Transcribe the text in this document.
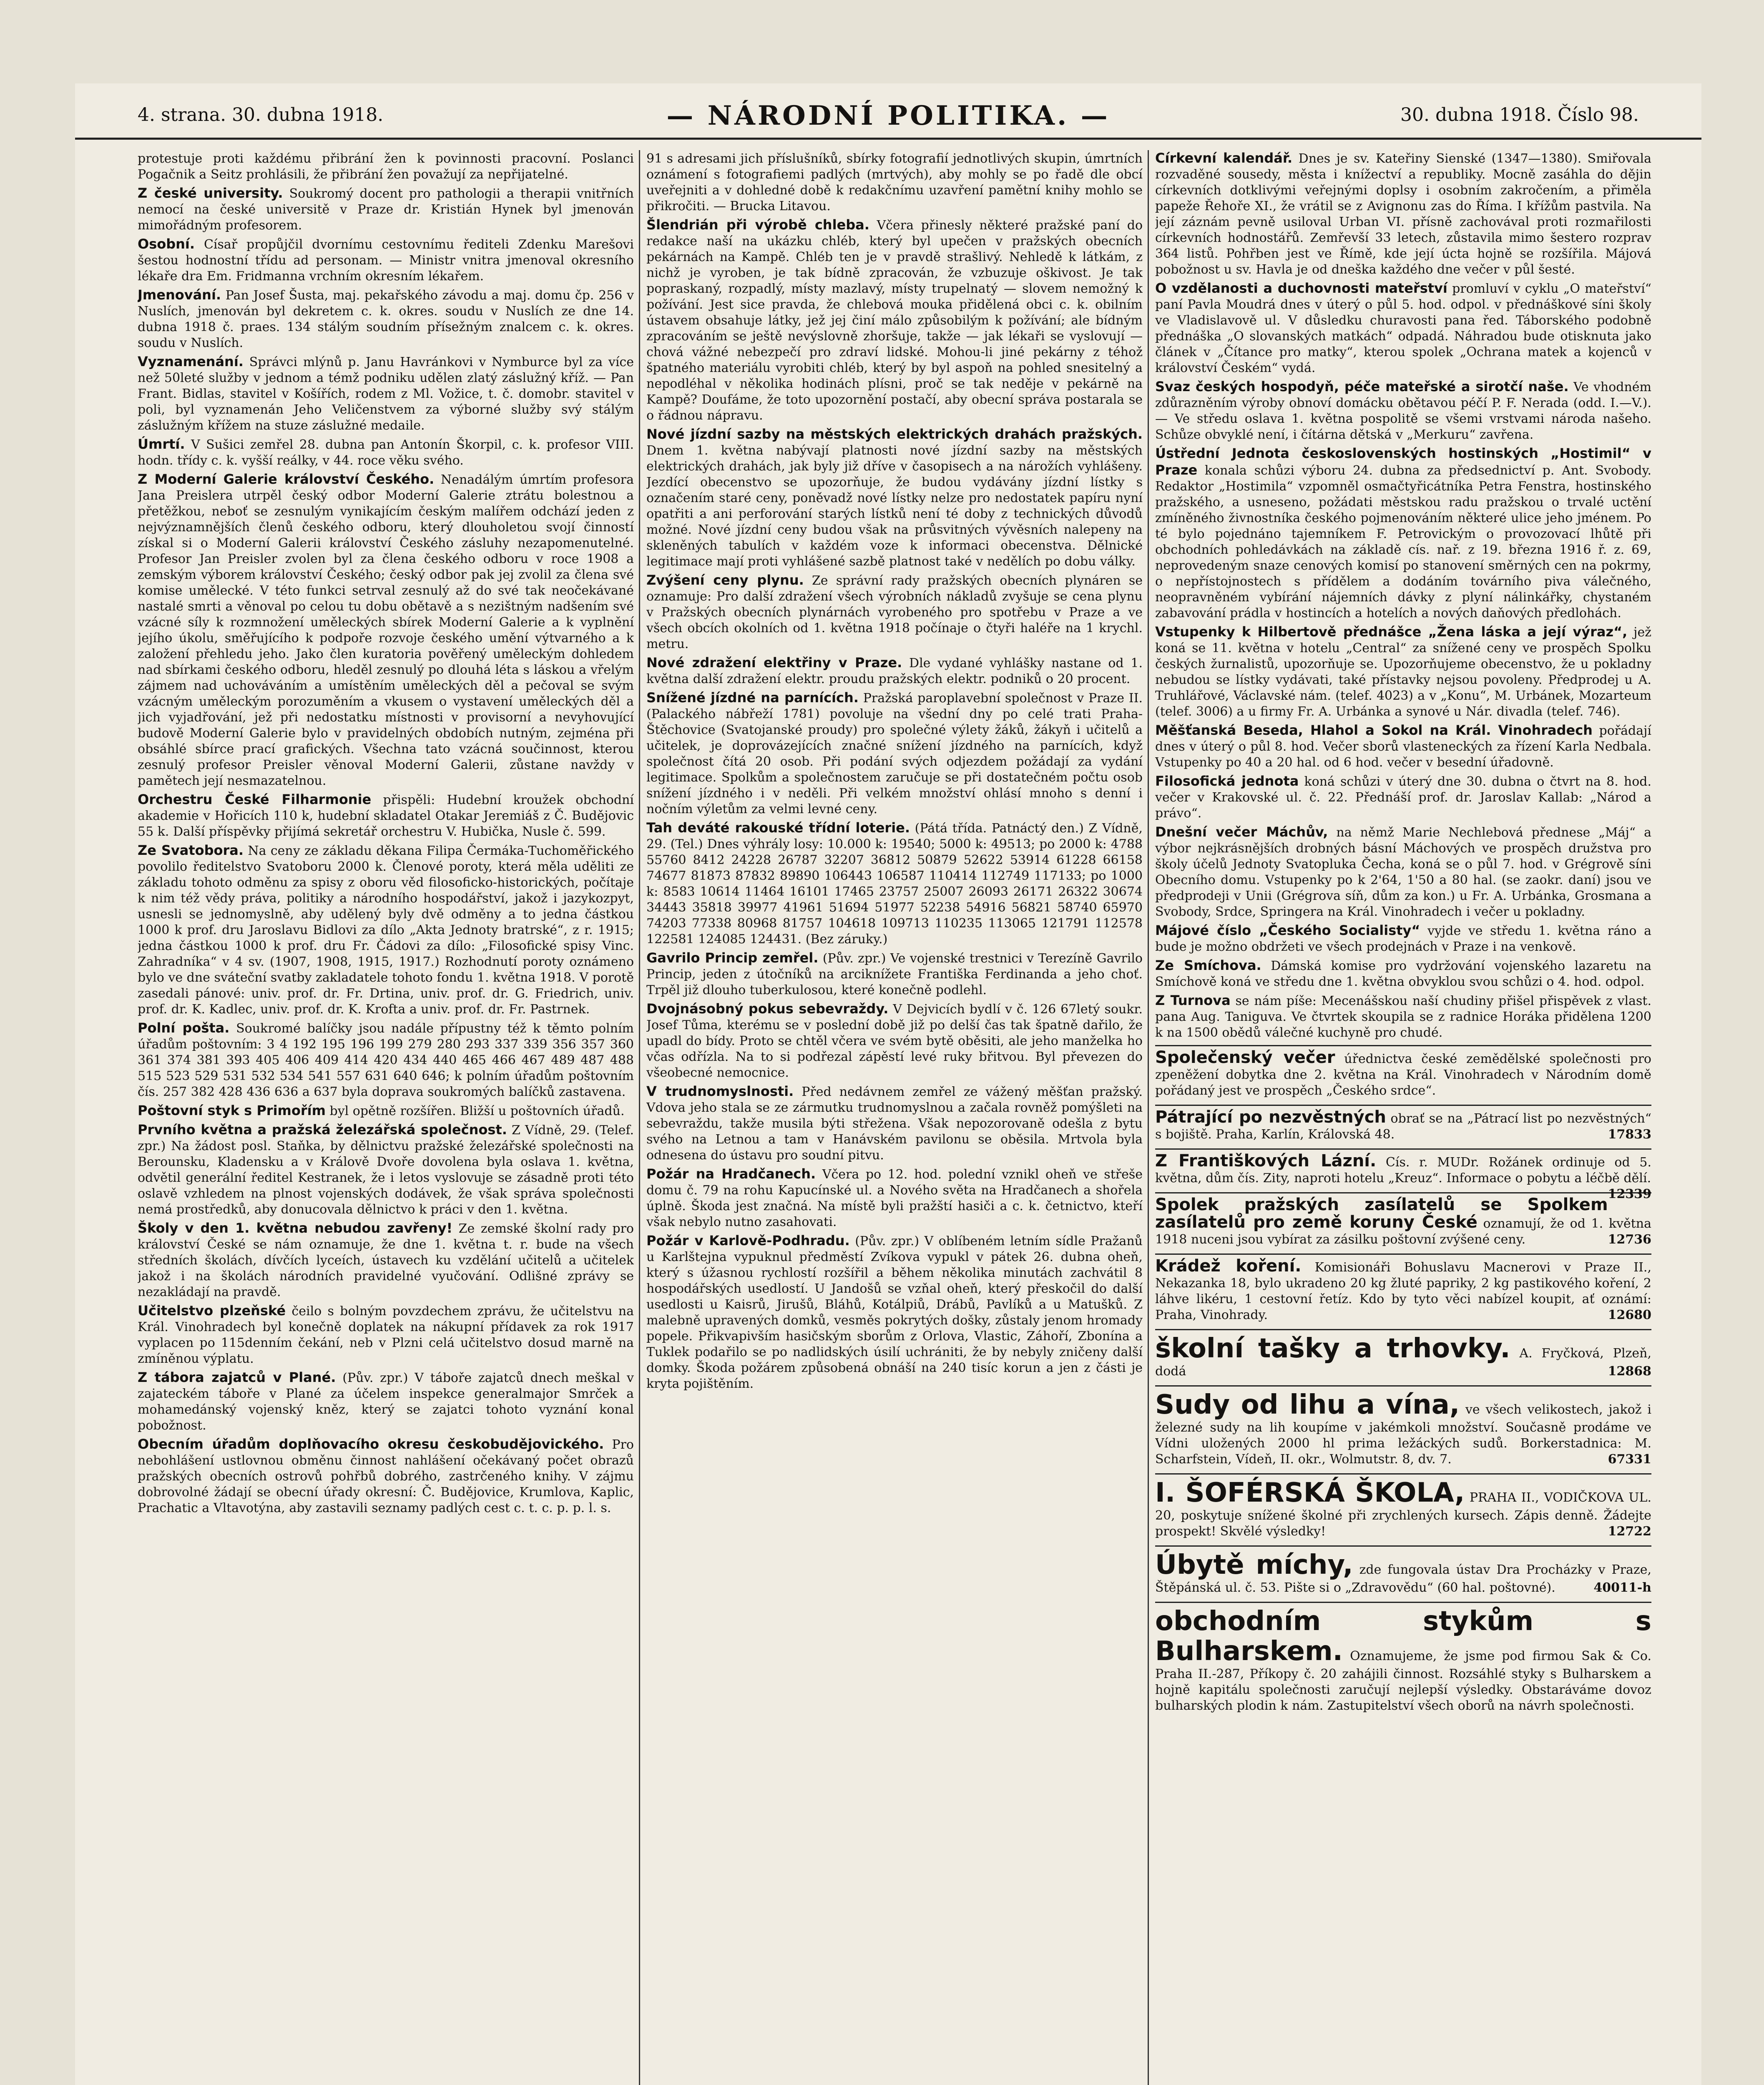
4. strana. 30. dubna 1918.	— NÁRODNÍ POLITIKA. —	30. dubna 1918. Číslo 98.

protestuje proti každému přibrání žen k povinnosti pracovní. Poslanci Pogačnik a Seitz prohlásili, že přibrání žen považují za nepřijatelné.

Z české university. Soukromý docent pro pathologii a therapii vnitřních nemocí na české universitě v Praze dr. Kristián Hynek byl jmenován mimořádným profesorem.

Osobní. Císař propůjčil dvornímu cestovnímu řediteli Zdenku Marešovi šestou hodnostní třídu ad personam. — Ministr vnitra jmenoval okresního lékaře dra Em. Fridmanna vrchním okresním lékařem.

Jmenování. Pan Josef Šusta, maj. pekařského závodu a maj. domu čp. 256 v Nuslích, jmenován byl dekretem c. k. okres. soudu v Nuslích ze dne 14. dubna 1918 č. praes. 134 stálým soudním přísežným znalcem c. k. okres. soudu v Nuslích.

Vyznamenání. Správci mlýnů p. Janu Havránkovi v Nymburce byl za více než 50leté služby v jednom a témž podniku udělen zlatý záslužný kříž. — Pan Frant. Bidlas, stavitel v Košířích, rodem z Ml. Vožice, t. č. domobr. stavitel v poli, byl vyznamenán Jeho Veličenstvem za výborné služby svý stálým záslužným křížem na stuze záslužné medaile.

Úmrtí. V Sušici zemřel 28. dubna pan Antonín Škorpil, c. k. profesor VIII. hodn. třídy c. k. vyšší reálky, v 44. roce věku svého.

Z Moderní Galerie království Českého. Nenadálým úmrtím profesora Jana Preislera utrpěl český odbor Moderní Galerie ztrátu bolestnou a přetěžkou, neboť se zesnulým vynikajícím českým malířem odchází jeden z nejvýznamnějších členů českého odboru, který dlouholetou svojí činností získal si o Moderní Galerii království Českého zásluhy nezapomenutelné. Profesor Jan Preisler zvolen byl za člena českého odboru v roce 1908 a zemským výborem království Českého; český odbor pak jej zvolil za člena své komise umělecké. V této funkci setrval zesnulý až do své tak neočekávané nastalé smrti a věnoval po celou tu dobu obětavě a s nezištným nadšením své vzácné síly k rozmnožení uměleckých sbírek Moderní Galerie a k vyplnění jejího úkolu, směřujícího k podpoře rozvoje českého umění výtvarného a k založení přehledu jeho. Jako člen kuratoria pověřený uměleckým dohledem nad sbírkami českého odboru, hleděl zesnulý po dlouhá léta s láskou a vřelým zájmem nad uchováváním a umístěním uměleckých děl a pečoval se svým vzácným uměleckým porozuměním a vkusem o vystavení uměleckých děl a jich vyjadřování, jež při nedostatku místnosti v provisorní a nevyhovující budově Moderní Galerie bylo v pravidelných obdobích nutným, zejména při obsáhlé sbírce prací grafických. Všechna tato vzácná součinnost, kterou zesnulý profesor Preisler věnoval Moderní Galerii, zůstane navždy v pamětech její nesmazatelnou.

Orchestru České Filharmonie přispěli: Hudební kroužek obchodní akademie v Hořicích 110 k, hudební skladatel Otakar Jeremiáš z Č. Budějovic 55 k. Další příspěvky přijímá sekretář orchestru V. Hubička, Nusle č. 599.

Ze Svatobora. Na ceny ze základu děkana Filipa Čermáka-Tuchoměřického povolilo ředitelstvo Svatoboru 2000 k. Členové poroty, která měla uděliti ze základu tohoto odměnu za spisy z oboru věd filosoficko-historických, počítaje k nim též vědy práva, politiky a národního hospodářství, jakož i jazykozpyt, usnesli se jednomyslně, aby udělený byly dvě odměny a to jedna částkou 1000 k prof. dru Jaroslavu Bidlovi za dílo „Akta Jednoty bratrské“, z r. 1915; jedna částkou 1000 k prof. dru Fr. Čádovi za dílo: „Filosofické spisy Vinc. Zahradníka“ v 4 sv. (1907, 1908, 1915, 1917.) Rozhodnutí poroty oznámeno bylo ve dne sváteční svatby zakladatele tohoto fondu 1. května 1918. V porotě zasedali pánové: univ. prof. dr. Fr. Drtina, univ. prof. dr. G. Friedrich, univ. prof. dr. K. Kadlec, univ. prof. dr. K. Krofta a univ. prof. dr. Fr. Pastrnek.

Polní pošta. Soukromé balíčky jsou nadále přípustny též k těmto polním úřadům poštovním: 3 4 192 195 196 199 279 280 293 337 339 356 357 360 361 374 381 393 405 406 409 414 420 434 440 465 466 467 489 487 488 515 523 529 531 532 534 541 557 631 640 646; k polním úřadům poštovním čís. 257 382 428 436 636 a 637 byla doprava soukromých balíčků zastavena.

Poštovní styk s Primořím byl opětně rozšířen. Bližší u poštovních úřadů.

Prvního května a pražská železářská společnost. Z Vídně, 29. (Telef. zpr.) Na žádost posl. Staňka, by dělnictvu pražské železářské společnosti na Berounsku, Kladensku a v Králově Dvoře dovolena byla oslava 1. května, odvětil generální ředitel Kestranek, že i letos vyslovuje se zásadně proti této oslavě vzhledem na plnost vojenských dodávek, že však správa společnosti nemá prostředků, aby donucovala dělnictvo k práci v den 1. května.

Školy v den 1. května nebudou zavřeny! Ze zemské školní rady pro království České se nám oznamuje, že dne 1. května t. r. bude na všech středních školách, dívčích lyceích, ústavech ku vzdělání učitelů a učitelek jakož i na školách národních pravidelné vyučování. Odlišné zprávy se nezakládají na pravdě.

Učitelstvo plzeňské čeilo s bolným povzdechem zprávu, že učitelstvu na Král. Vinohradech byl konečně doplatek na nákupní přídavek za rok 1917 vyplacen po 115denním čekání, neb v Plzni celá učitelstvo dosud marně na zmíněnou výplatu.

Z tábora zajatců v Plané. (Pův. zpr.) V táboře zajatců dnech meškal v zajateckém táboře v Plané za účelem inspekce generalmajor Smrček a mohamedánský vojenský kněz, který se zajatci tohoto vyznání konal pobožnost.

Obecním úřadům doplňovacího okresu českobudějovického. Pro nebohlášení ustlovnou obměnu činnost nahlášení očekávaný počet obrazů pražských obecních ostrovů pohřbů dobrého, zastrčeného knihy. V zájmu dobrovolné žádají se obecní úřady okresní: Č. Budějovice, Krumlova, Kaplic, Prachatic a Vltavotýna, aby zastavili seznamy padlých cest c. t. c. p. p. l. s.

91 s adresami jich příslušníků, sbírky fotografií jednotlivých skupin, úmrtních oznámení s fotografiemi padlých (mrtvých), aby mohly se po řadě dle obcí uveřejniti a v dohledné době k redakčnímu uzavření pamětní knihy mohlo se přikročiti. — Brucka Litavou.

Šlendrián při výrobě chleba. Včera přinesly některé pražské paní do redakce naší na ukázku chléb, který byl upečen v pražských obecních pekárnách na Kampě. Chléb ten je v pravdě strašlivý. Nehledě k látkám, z nichž je vyroben, je tak bídně zpracován, že vzbuzuje oškivost. Je tak popraskaný, rozpadlý, místy mazlavý, místy trupelnatý — slovem nemožný k požívání. Jest sice pravda, že chlebová mouka přidělená obci c. k. obilním ústavem obsahuje látky, jež jej činí málo způsobilým k požívání; ale bídným zpracováním se ještě nevýslovně zhoršuje, takže — jak lékaři se vyslovují — chová vážné nebezpečí pro zdraví lidské. Mohou-li jiné pekárny z téhož špatného materiálu vyrobiti chléb, který by byl aspoň na pohled snesitelný a nepodléhal v několika hodinách plísni, proč se tak neděje v pekárně na Kampě? Doufáme, že toto upozornění postačí, aby obecní správa postarala se o řádnou nápravu.

Nové jízdní sazby na městských elektrických drahách pražských. Dnem 1. května nabývají platnosti nové jízdní sazby na městských elektrických drahách, jak byly již dříve v časopisech a na nárožích vyhlášeny. Jezdící obecenstvo se upozorňuje, že budou vydávány jízdní lístky s označením staré ceny, poněvadž nové lístky nelze pro nedostatek papíru nyní opatřiti a ani perforování starých lístků není té doby z technických důvodů možné. Nové jízdní ceny budou však na průsvitných vývěsních nalepeny na skleněných tabulích v každém voze k informaci obecenstva. Dělnické legitimace mají proti vyhlášené sazbě platnost také v nedělích po dobu války.

Zvýšení ceny plynu. Ze správní rady pražských obecních plynáren se oznamuje: Pro další zdražení všech výrobních nákladů zvyšuje se cena plynu v Pražských obecních plynárnách vyrobeného pro spotřebu v Praze a ve všech obcích okolních od 1. května 1918 počínaje o čtyři haléře na 1 krychl. metru.

Nové zdražení elektřiny v Praze. Dle vydané vyhlášky nastane od 1. května další zdražení elektr. proudu pražských elektr. podniků o 20 procent.

Snížené jízdné na parnících. Pražská paroplavební společnost v Praze II. (Palackého nábřeží 1781) povoluje na všední dny po celé trati Praha-Štěchovice (Svatojanské proudy) pro společné výlety žáků, žákyň i učitelů a učitelek, je doprovázejících značné snížení jízdného na parnících, když společnost čítá 20 osob. Při podání svých odjezdem požádají za vydání legitimace. Spolkům a společnostem zaručuje se při dostatečném počtu osob snížení jízdného i v neděli. Při velkém množství ohlásí mnoho s denní i nočním výletům za velmi levné ceny.

Tah deváté rakouské třídní loterie. (Pátá třída. Patnáctý den.) Z Vídně, 29. (Tel.) Dnes výhrály losy: 10.000 k: 19540; 5000 k: 49513; po 2000 k: 4788 55760 8412 24228 26787 32207 36812 50879 52622 53914 61228 66158 74677 81873 87832 89890 106443 106587 110414 112749 117133; po 1000 k: 8583 10614 11464 16101 17465 23757 25007 26093 26171 26322 30674 34443 35818 39977 41961 51694 51977 52238 54916 56821 58740 65970 74203 77338 80968 81757 104618 109713 110235 113065 121791 112578 122581 124085 124431. (Bez záruky.)

Gavrilo Princip zemřel. (Pův. zpr.) Ve vojenské trestnici v Terezíně Gavrilo Princip, jeden z útočníků na arciknížete Františka Ferdinanda a jeho choť. Trpěl již dlouho tuberkulosou, které konečně podlehl.

Dvojnásobný pokus sebevraždy. V Dejvicích bydlí v č. 126 67letý soukr. Josef Tůma, kterému se v poslední době již po delší čas tak špatně dařilo, že upadl do bídy. Proto se chtěl včera ve svém bytě oběsiti, ale jeho manželka ho včas odřízla. Na to si podřezal zápěstí levé ruky břitvou. Byl převezen do všeobecné nemocnice.

V trudnomyslnosti. Před nedávnem zemřel ze vážený měšťan pražský. Vdova jeho stala se ze zármutku trudnomyslnou a začala rovněž pomýšleti na sebevraždu, takže musila býti střežena. Však nepozorovaně odešla z bytu svého na Letnou a tam v Hanávském pavilonu se oběsila. Mrtvola byla odnesena do ústavu pro soudní pitvu.

Požár na Hradčanech. Včera po 12. hod. polední vznikl oheň ve střeše domu č. 79 na rohu Kapucínské ul. a Nového světa na Hradčanech a shořela úplně. Škoda jest značná. Na místě byli pražští hasiči a c. k. četnictvo, kteří však nebylo nutno zasahovati.

Požár v Karlově-Podhradu. (Pův. zpr.) V oblíbeném letním sídle Pražanů u Karlštejna vypuknul předměstí Zvíkova vypukl v pátek 26. dubna oheň, který s úžasnou rychlostí rozšířil a během několika minutách zachvátil 8 hospodářských usedlostí. U Jandošů se vzňal oheň, který přeskočil do další usedlosti u Kaisrů, Jirušů, Bláhů, Kotálpiů, Drábů, Pavlíků a u Matušků. Z malebně upravených domků, vesměs pokrytých došky, zůstaly jenom hromady popele. Přikvapivším hasičským sborům z Orlova, Vlastic, Záhoří, Zbonína a Tuklek podařilo se po nadlidských úsilí uchrániti, že by nebyly zničeny další domky. Škoda požárem způsobená obnáší na 240 tisíc korun a jen z části je kryta pojištěním.

Církevní kalendář. Dnes je sv. Kateřiny Sienské (1347—1380). Smiřovala rozvaděné sousedy, města i knížectví a republiky. Mocně zasáhla do dějin církevních dotklivými veřejnými doplsy i osobním zakročením, a přiměla papeže Řehoře XI., že vrátil se z Avignonu zas do Říma. I křížům pastvila. Na její záznám pevně usiloval Urban VI. přísně zachovával proti rozmařilosti církevních hodnostářů. Zemřevší 33 letech, zůstavila mimo šestero rozprav 364 listů. Pohřben jest ve Římě, kde její úcta hojně se rozšířila. Májová pobožnost u sv. Havla je od dneška každého dne večer v půl šesté.

O vzdělanosti a duchovnosti mateřství promluví v cyklu „O mateřství“ paní Pavla Moudrá dnes v úterý o půl 5. hod. odpol. v přednáškové síni školy ve Vladislavově ul. V důsledku churavosti pana řed. Táborského podobně přednáška „O slovanských matkách“ odpadá. Náhradou bude otisknuta jako článek v „Čítance pro matky“, kterou spolek „Ochrana matek a kojenců v království Českém“ vydá.

Svaz českých hospodyň, péče mateřské a sirotčí naše. Ve vhodném zdůrazněním výroby obnoví domácku obětavou péčí P. F. Nerada (odd. I.—V.). — Ve středu oslava 1. května pospolitě se všemi vrstvami národa našeho. Schůze obvyklé není, i čítárna dětská v „Merkuru“ zavřena.

Ústřední Jednota československých hostinských „Hostimil“ v Praze konala schůzi výboru 24. dubna za předsednictví p. Ant. Svobody. Redaktor „Hostimila“ vzpomněl osmačtyřicátníka Petra Fenstra, hostinského pražského, a usneseno, požádati městskou radu pražskou o trvalé uctění zmíněného živnostníka českého pojmenováním některé ulice jeho jménem. Po té bylo pojednáno tajemníkem F. Petrovickým o provozovací lhůtě při obchodních pohledávkách na základě cís. nař. z 19. března 1916 ř. z. 69, neprovedeným snaze cenových komisí po stanovení směrných cen na pokrmy, o nepřístojnostech s přídělem a dodáním továrního piva válečného, neopravněném vybírání nájemních dávky z plyní nálinkářky, chystaném zabavování prádla v hostincích a hotelích a nových daňových předlohách.

Vstupenky k Hilbertově přednášce „Žena láska a její výraz“, jež koná se 11. května v hotelu „Central“ za snížené ceny ve prospěch Spolku českých žurnalistů, upozorňuje se. Upozorňujeme obecenstvo, že u pokladny nebudou se lístky vydávati, také přístavky nejsou povoleny. Předprodej u A. Truhlářové, Václavské nám. (telef. 4023) a v „Konu“, M. Urbánek, Mozarteum (telef. 3006) a u firmy Fr. A. Urbánka a synové u Nár. divadla (telef. 746).

Měšťanská Beseda, Hlahol a Sokol na Král. Vinohradech pořádají dnes v úterý o půl 8. hod. Večer sborů vlasteneckých za řízení Karla Nedbala. Vstupenky po 40 a 20 hal. od 6 hod. večer v besední úřadovně.

Filosofická jednota koná schůzi v úterý dne 30. dubna o čtvrt na 8. hod. večer v Krakovské ul. č. 22. Přednáší prof. dr. Jaroslav Kallab: „Národ a právo“.

Dnešní večer Máchův, na němž Marie Nechlebová přednese „Máj“ a výbor nejkrásnějších drobných básní Máchových ve prospěch družstva pro školy účelů Jednoty Svatopluka Čecha, koná se o půl 7. hod. v Grégrově síni Obecního domu. Vstupenky po k 2'64, 1'50 a 80 hal. (se zaokr. daní) jsou ve předprodeji v Unii (Grégrova síň, dům za kon.) u Fr. A. Urbánka, Grosmana a Svobody, Srdce, Springera na Král. Vinohradech i večer u pokladny.

Májové číslo „Českého Socialisty“ vyjde ve středu 1. května ráno a bude je možno obdržeti ve všech prodejnách v Praze i na venkově.

Ze Smíchova. Dámská komise pro vydržování vojenského lazaretu na Smíchově koná ve středu dne 1. května obvyklou svou schůzi o 4. hod. odpol.

Z Turnova se nám píše: Mecenášskou naší chudiny přišel přispěvek z vlast. pana Aug. Taniguva. Ve čtvrtek skoupila se z radnice Horáka přidělena 1200 k na 1500 obědů válečné kuchyně pro chudé.

Společenský večer úřednictva české zemědělské společnosti pro zpeněžení dobytka dne 2. května na Král. Vinohradech v Národním domě pořádaný jest ve prospěch „Českého srdce“.
Pátrající po nezvěstných obrať se na „Pátrací list po nezvěstných“ s bojiště. Praha, Karlín, Královská 48.	17833
Z Františkových Lázní. Cís. r. MUDr. Rožánek ordinuje od 5. května, dům čís. Zity, naproti hotelu „Kreuz“. Informace o pobytu a léčbě dělí.
12339
Spolek pražských zasílatelů se Spolkem zasílatelů pro země koruny České oznamují, že od 1. května 1918 nuceni jsou vybírat za zásilku poštovní zvýšené ceny.	12736
Krádež koření. Komisionáři Bohuslavu Macnerovi v Praze II., Nekazanka 18, bylo ukradeno 20 kg žluté papriky, 2 kg pastikového koření, 2 láhve likéru, 1 cestovní řetíz. Kdo by tyto věci nabízel koupit, ať oznámí: Praha, Vinohrady.	12680
školní tašky a trhovky. A. Fryčková, Plzeň, dodá	12868
Sudy od lihu a vína, ve všech velikostech, jakož i železné sudy na lih koupíme v jakémkoli množství. Současně prodáme ve Vídni uložených 2000 hl prima ležáckých sudů. Borkerstadnica: M. Scharfstein, Vídeň, II. okr., Wolmutstr. 8, dv. 7.	67331
I. ŠOFÉRSKÁ ŠKOLA, PRAHA II., VODIČKOVA UL. 20, poskytuje snížené školné při zrychlených kursech. Zápis denně. Žádejte prospekt! Skvělé výsledky!	12722
Úbytě míchy, zde fungovala ústav Dra Procházky v Praze, Štěpánská ul. č. 53. Pište si o „Zdravovědu“ (60 hal. poštovné).	40011-h
obchodním stykům s Bulharskem. Oznamujeme, že jsme pod firmou Sak & Co. Praha II.-287, Příkopy č. 20 zahájili činnost. Rozsáhlé styky s Bulharskem a hojně kapitálu společnosti zaručují nejlepší výsledky. Obstaráváme dovoz bulharských plodin k nám. Zastupitelství všech oborů na návrh společnosti.
